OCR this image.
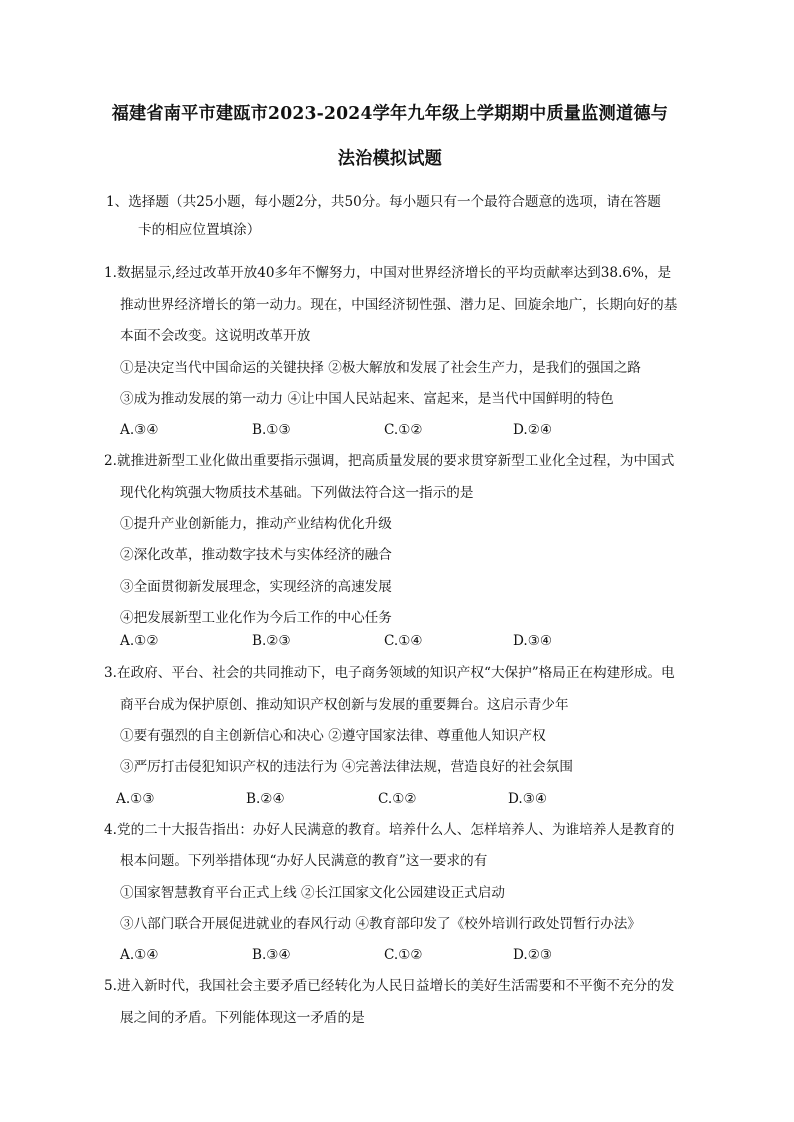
福建省南平市建瓯市2023-2024学年九年级上学期期中质量监测道德与
法治模拟试题
1、选择题（共25小题，每小题2分，共50分。每小题只有一个最符合题意的选项，请在答题
卡的相应位置填涂）
1.数据显示,经过改革开放40多年不懈努力，中国对世界经济增长的平均贡献率达到38.6%，是
推动世界经济增长的第一动力。现在，中国经济韧性强、潜力足、回旋余地广，长期向好的基
本面不会改变。这说明改革开放
①是决定当代中国命运的关键抉择 ②极大解放和发展了社会生产力，是我们的强国之路
③成为推动发展的第一动力 ④让中国人民站起来、富起来，是当代中国鲜明的特色
A.③④	B.①③	C.①②	D.②④
2.就推进新型工业化做出重要指示强调，把高质量发展的要求贯穿新型工业化全过程，为中国式
现代化构筑强大物质技术基础。下列做法符合这一指示的是
①提升产业创新能力，推动产业结构优化升级
②深化改革，推动数字技术与实体经济的融合
③全面贯彻新发展理念，实现经济的高速发展
④把发展新型工业化作为今后工作的中心任务
A.①②	B.②③	C.①④	D.③④
3.在政府、平台、社会的共同推动下，电子商务领域的知识产权“大保护”格局正在构建形成。电
商平台成为保护原创、推动知识产权创新与发展的重要舞台。这启示青少年
①要有强烈的自主创新信心和决心 ②遵守国家法律、尊重他人知识产权
③严厉打击侵犯知识产权的违法行为 ④完善法律法规，营造良好的社会氛围
A.①③	B.②④	C.①②	D.③④
4.党的二十大报告指出：办好人民满意的教育。培养什么人、怎样培养人、为谁培养人是教育的
根本问题。下列举措体现“办好人民满意的教育”这一要求的有
①国家智慧教育平台正式上线 ②长江国家文化公园建设正式启动
③八部门联合开展促进就业的春风行动 ④教育部印发了《校外培训行政处罚暂行办法》
A.①④	B.③④	C.①②	D.②③
5.进入新时代，我国社会主要矛盾已经转化为人民日益增长的美好生活需要和不平衡不充分的发
展之间的矛盾。下列能体现这一矛盾的是
